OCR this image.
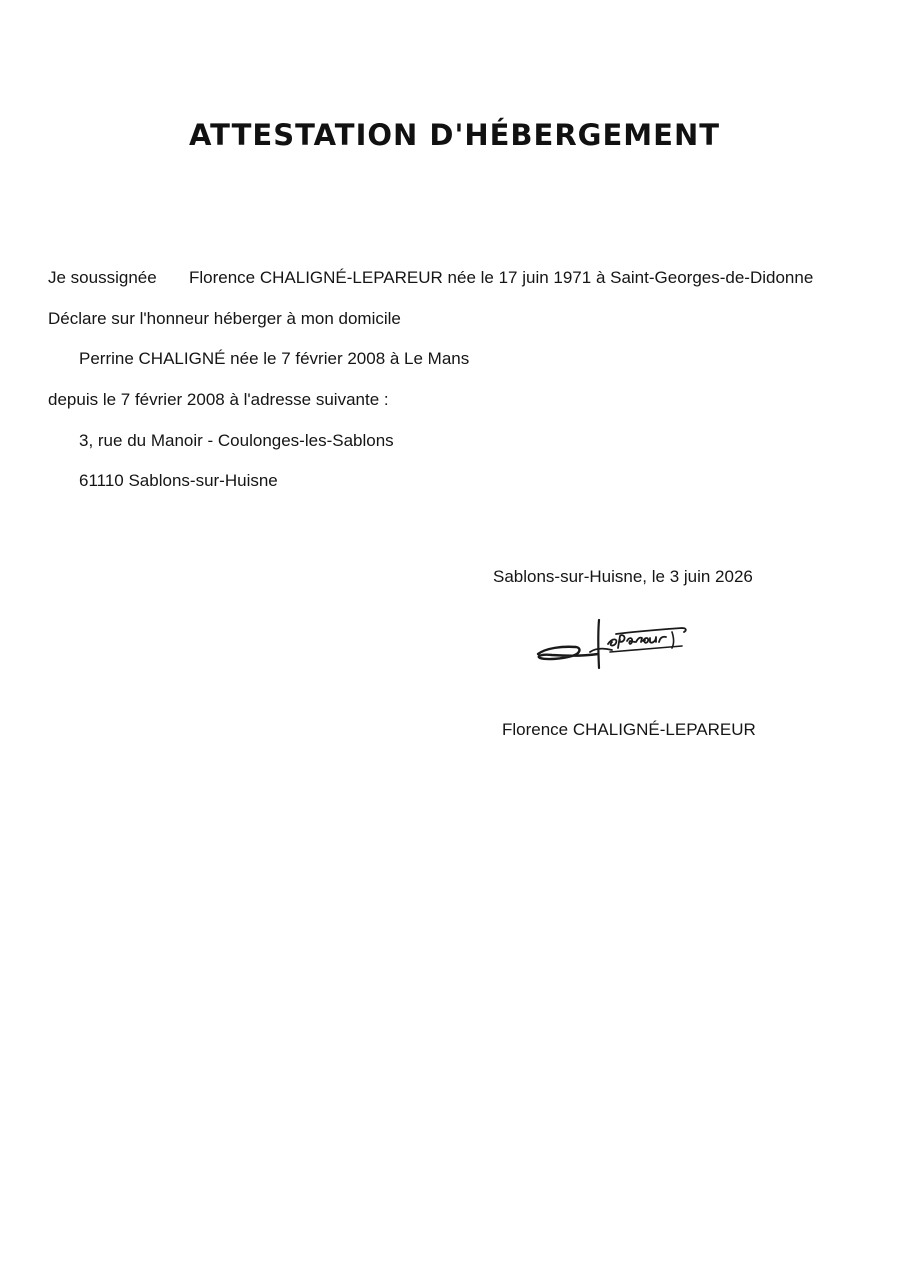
ATTESTATION D'HÉBERGEMENT
Je soussignée Florence CHALIGNÉ-LEPAREUR née le 17 juin 1971 à Saint-Georges-de-Didonne
Déclare sur l'honneur héberger à mon domicile
Perrine CHALIGNÉ née le 7 février 2008 à Le Mans
depuis le 7 février 2008 à l'adresse suivante :
3, rue du Manoir - Coulonges-les-Sablons
61110 Sablons-sur-Huisne
Sablons-sur-Huisne, le 3 juin 2026
Florence CHALIGNÉ-LEPAREUR
